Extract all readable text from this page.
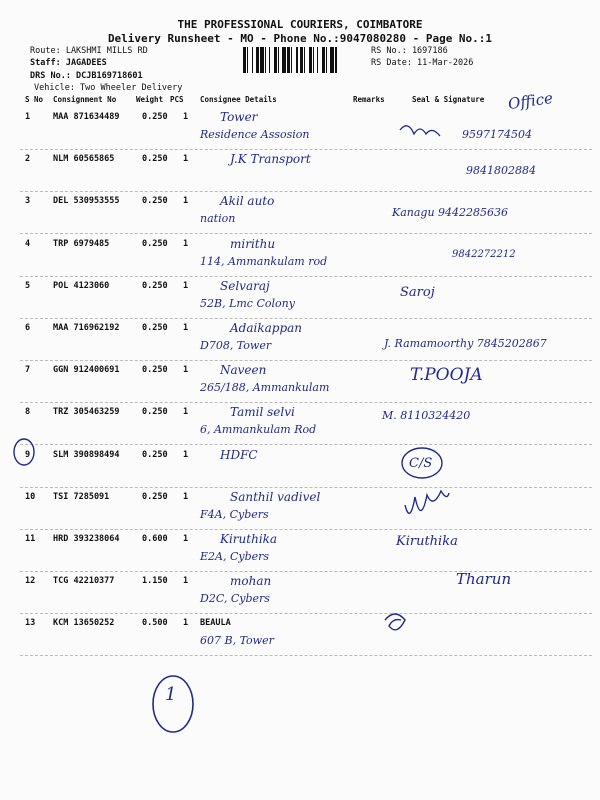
THE PROFESSIONAL COURIERS, COIMBATORE
Delivery Runsheet - MO - Phone No.:9047080280 - Page No.:1
Route: LAKSHMI MILLS RD
Staff: JAGADEES
DRS No.: DCJB169718601
Vehicle: Two Wheeler Delivery
RS No.: 1697186
RS Date: 11-Mar-2026
S No Consignment No	Weight PCS Consignee Details	Remarks	Seal & Signature
1	MAA 871634489	0.250 1	Tower
Residence Assosion	9597174504
2	NLM 60565865	0.250 1	J.K Transport
9841802884
3	DEL 530953555	0.250 1	Akil auto
nation	Kanagu 9442285636
4	TRP 6979485	0.250 1	mirithu
114, Ammankulam rod
9842272212
5	POL 4123060	0.250 1	Selvaraj
52B, Lmc Colony
Saroj
6	MAA 716962192	0.250 1	Adaikappan
D708, Tower	J. Ramamoorthy 7845202867
7	GGN 912400691	0.250 1	Naveen
265/188, Ammankulam
T.POOJA
8	TRZ 305463259	0.250 1	Tamil selvi
6, Ammankulam Rod
M. 8110324420
9	SLM 390898494	0.250 1	HDFC
C/S
10 TSI 7285091	0.250 1	Santhil vadivel
F4A, Cybers
11 HRD 393238064	0.600 1	Kiruthika
E2A, Cybers
Kiruthika
12 TCG 42210377	1.150 1	mohan
D2C, Cybers
Tharun
13 KCM 13650252	0.500 1 BEAULA
607 B, Tower
Office
1
